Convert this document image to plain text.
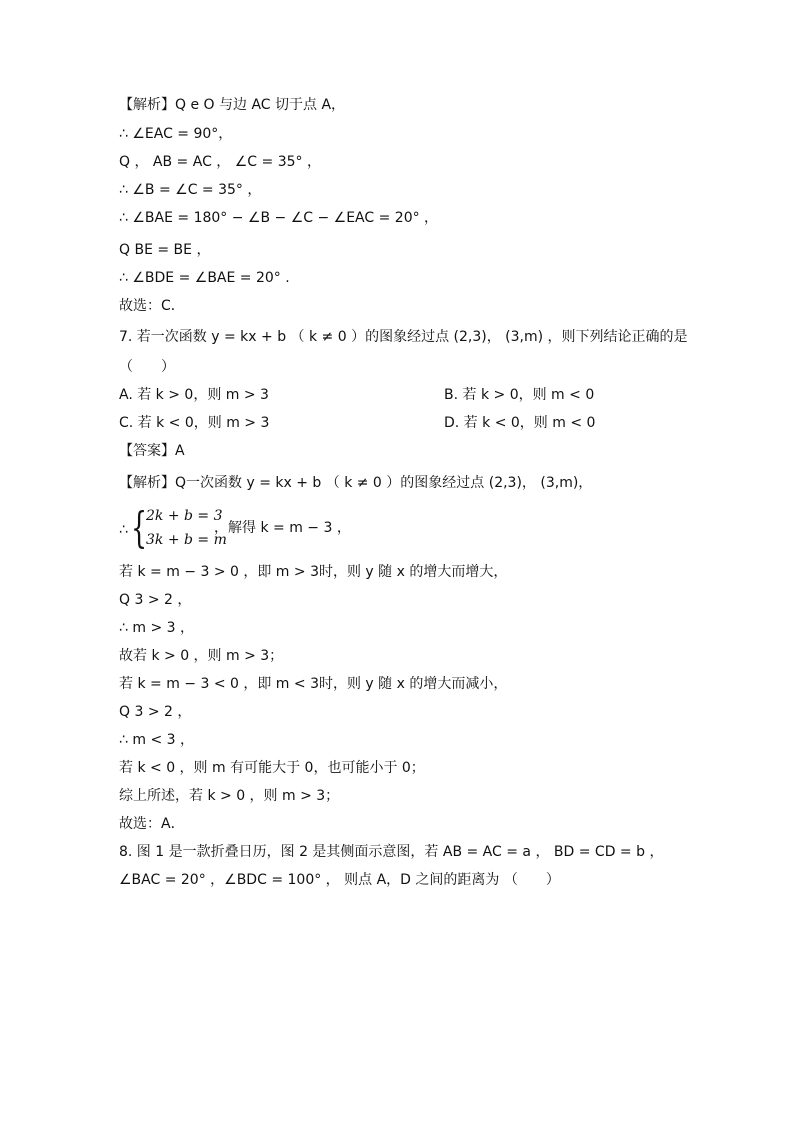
【解析】Q e O 与边 AC 切于点 A，
∴ ∠EAC = 90°，
Q ， AB = AC ， ∠C = 35° ，
∴ ∠B = ∠C = 35° ，
∴ ∠BAE = 180° − ∠B − ∠C − ∠EAC = 20° ，
Q BE = BE ，
∴ ∠BDE = ∠BAE = 20° .
故选：C．
7. 若一次函数 y = kx + b （ k ≠ 0 ）的图象经过点 (2,3)， (3,m) ，则下列结论正确的是
（　　）
A. 若 k > 0，则 m > 3	B. 若 k > 0，则 m < 0
C. 若 k < 0，则 m > 3	D. 若 k < 0，则 m < 0
【答案】A
【解析】Q一次函数 y = kx + b （ k ≠ 0 ）的图象经过点 (2,3)， (3,m)，
∴ {
2k + b = 3
3k + b = m
，解得 k = m − 3 ，
若 k = m − 3 > 0 ，即 m > 3时，则 y 随 x 的增大而增大，
Q 3 > 2 ，
∴ m > 3 ，
故若 k > 0 ，则 m > 3；
若 k = m − 3 < 0 ，即 m < 3时，则 y 随 x 的增大而减小，
Q 3 > 2 ，
∴ m < 3 ，
若 k < 0 ，则 m 有可能大于 0，也可能小于 0；
综上所述，若 k > 0 ，则 m > 3；
故选：A．
8. 图 1 是一款折叠日历，图 2 是其侧面示意图，若 AB = AC = a ， BD = CD = b ，
∠BAC = 20° ，∠BDC = 100° ， 则点 A，D 之间的距离为 （　　）
